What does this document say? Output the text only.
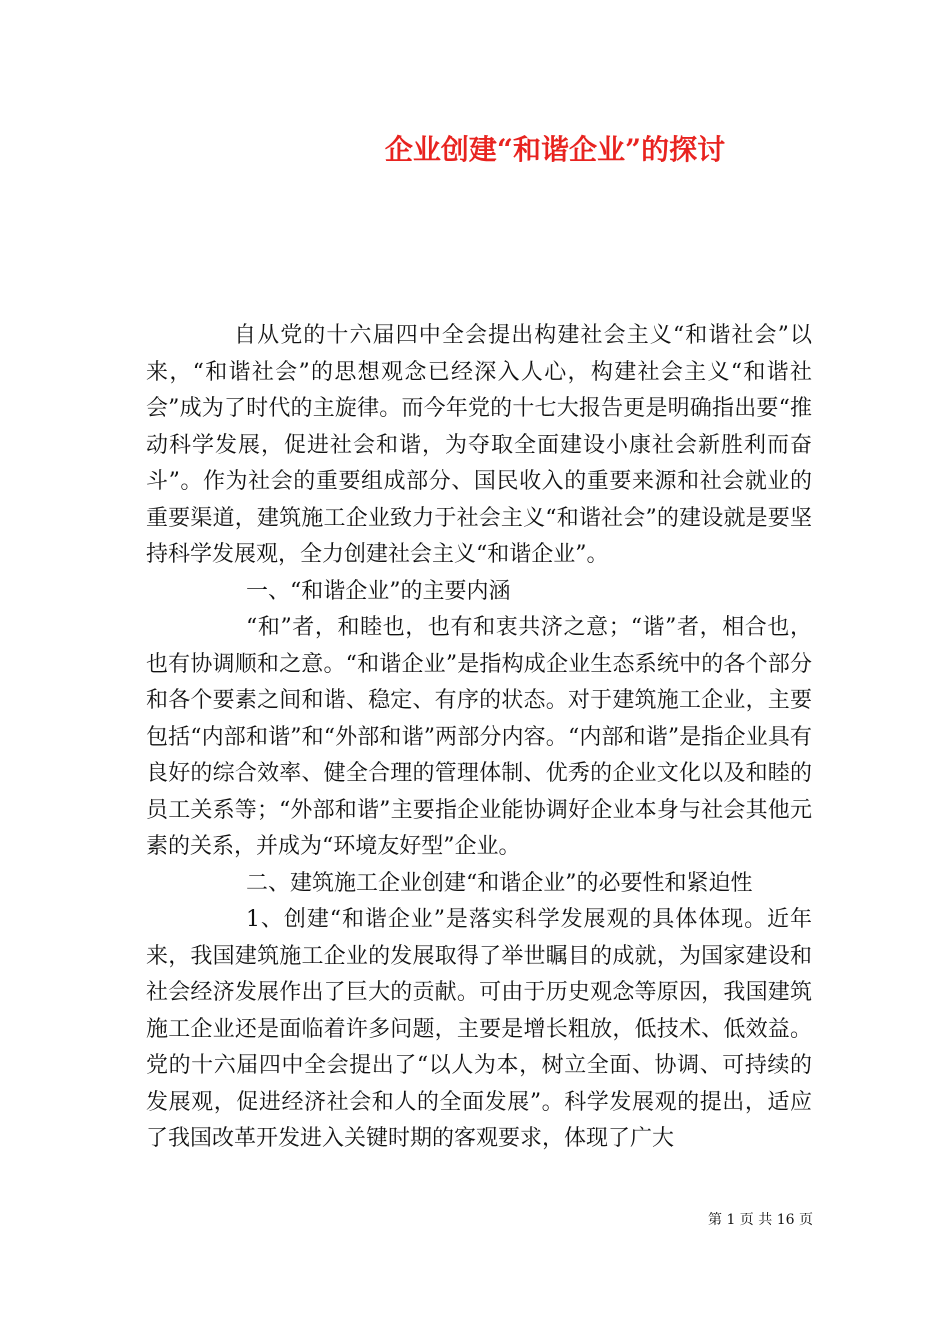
企业创建“和谐企业”的探讨

自从党的十六届四中全会提出构建社会主义“和谐社会”以来，“和谐社会”的思想观念已经深入人心，构建社会主义“和谐社会”成为了时代的主旋律。而今年党的十七大报告更是明确指出要“推动科学发展，促进社会和谐，为夺取全面建设小康社会新胜利而奋斗”。作为社会的重要组成部分、国民收入的重要来源和社会就业的重要渠道，建筑施工企业致力于社会主义“和谐社会”的建设就是要坚持科学发展观，全力创建社会主义“和谐企业”。

一、“和谐企业”的主要内涵

“和”者，和睦也，也有和衷共济之意；“谐”者，相合也，也有协调顺和之意。“和谐企业”是指构成企业生态系统中的各个部分和各个要素之间和谐、稳定、有序的状态。对于建筑施工企业，主要包括“内部和谐”和“外部和谐”两部分内容。“内部和谐”是指企业具有良好的综合效率、健全合理的管理体制、优秀的企业文化以及和睦的员工关系等；“外部和谐”主要指企业能协调好企业本身与社会其他元素的关系，并成为“环境友好型”企业。

二、建筑施工企业创建“和谐企业”的必要性和紧迫性

1、创建“和谐企业”是落实科学发展观的具体体现。近年来，我国建筑施工企业的发展取得了举世瞩目的成就，为国家建设和社会经济发展作出了巨大的贡献。可由于历史观念等原因，我国建筑施工企业还是面临着许多问题，主要是增长粗放，低技术、低效益。党的十六届四中全会提出了“以人为本，树立全面、协调、可持续的发展观，促进经济社会和人的全面发展”。科学发展观的提出，适应了我国改革开发进入关键时期的客观要求，体现了广大

第 1 页 共 16 页
